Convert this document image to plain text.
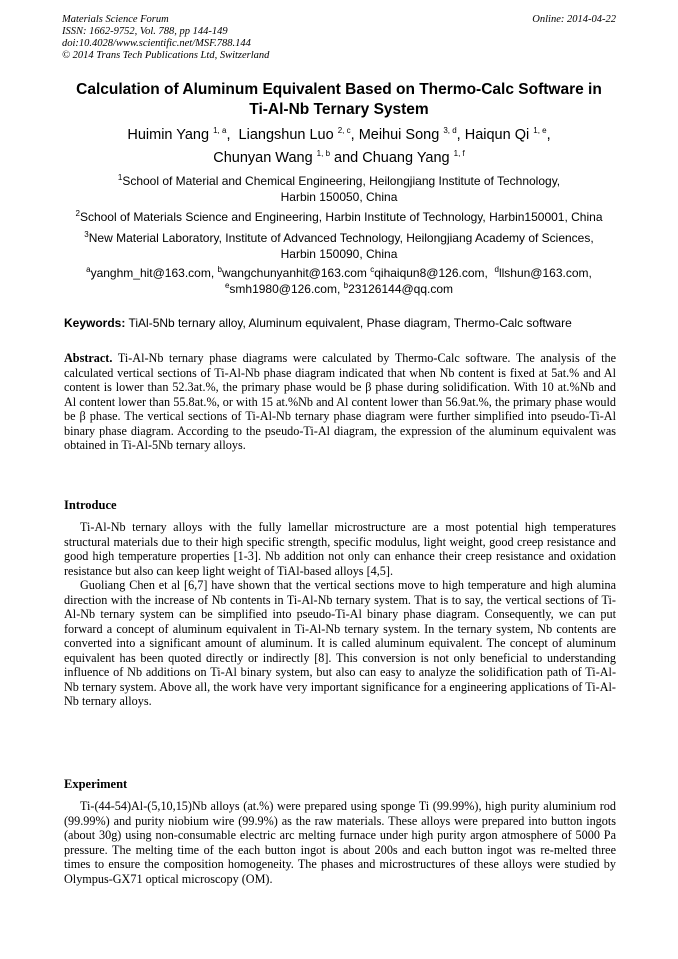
Materials Science Forum
ISSN: 1662-9752, Vol. 788, pp 144-149
doi:10.4028/www.scientific.net/MSF.788.144
© 2014 Trans Tech Publications Ltd, Switzerland
Online: 2014-04-22
Calculation of Aluminum Equivalent Based on Thermo-Calc Software in
Ti-Al-Nb Ternary System
Huimin Yang $^{1, a}$,  Liangshun Luo $^{2, c}$, Meihui Song $^{3, d}$, Haiqun Qi $^{1, e}$,
Chunyan Wang $^{1, b}$ and Chuang Yang $^{1, f}$
$^1$School of Material and Chemical Engineering, Heilongjiang Institute of Technology,
Harbin 150050, China
$^2$School of Materials Science and Engineering, Harbin Institute of Technology, Harbin150001, China
$^3$New Material Laboratory, Institute of Advanced Technology, Heilongjiang Academy of Sciences,
Harbin 150090, China
$^a$yanghm_hit@163.com, $^b$wangchunyanhit@163.com $^c$qihaiqun8@126.com,  $^d$llshun@163.com,
$^e$smh1980@126.com, $^b$23126144@qq.com
Keywords: TiAl-5Nb ternary alloy, Aluminum equivalent, Phase diagram, Thermo-Calc software

Abstract. Ti-Al-Nb ternary phase diagrams were calculated by Thermo-Calc software. The analysis of the calculated vertical sections of Ti-Al-Nb phase diagram indicated that when Nb content is fixed at 5at.% and Al content is lower than 52.3at.%, the primary phase would be β phase during solidification. With 10 at.%Nb and Al content lower than 55.8at.%, or with 15 at.%Nb and Al content lower than 56.9at.%, the primary phase would be β phase. The vertical sections of Ti-Al-Nb ternary phase diagram were further simplified into pseudo-Ti-Al binary phase diagram. According to the pseudo-Ti-Al diagram, the expression of the aluminum equivalent was obtained in Ti-Al-5Nb ternary alloys.

Introduce

Ti-Al-Nb ternary alloys with the fully lamellar microstructure are a most potential high temperatures structural materials due to their high specific strength, specific modulus, light weight, good creep resistance and good high temperature properties [1-3]. Nb addition not only can enhance their creep resistance and oxidation resistance but also can keep light weight of TiAl-based alloys [4,5].

Guoliang Chen et al [6,7] have shown that the vertical sections move to high temperature and high alumina direction with the increase of Nb contents in Ti-Al-Nb ternary system. That is to say, the vertical sections of Ti-Al-Nb ternary system can be simplified into pseudo-Ti-Al binary phase diagram. Consequently, we can put forward a concept of aluminum equivalent in Ti-Al-Nb ternary system. In the ternary system, Nb contents are converted into a significant amount of aluminum. It is called aluminum equivalent. The concept of aluminum equivalent has been quoted directly or indirectly [8]. This conversion is not only beneficial to understanding influence of Nb additions on Ti-Al binary system, but also can easy to analyze the solidification path of Ti-Al-Nb ternary system. Above all, the work have very important significance for a engineering applications of Ti-Al-Nb ternary alloys.

Experiment

Ti-(44-54)Al-(5,10,15)Nb alloys (at.%) were prepared using sponge Ti (99.99%), high purity aluminium rod (99.99%) and purity niobium wire (99.9%) as the raw materials. These alloys were prepared into button ingots (about 30g) using non-consumable electric arc melting furnace under high purity argon atmosphere of 5000 Pa pressure. The melting time of the each button ingot is about 200s and each button ingot was re-melted three times to ensure the composition homogeneity. The phases and microstructures of these alloys were studied by Olympus-GX71 optical microscopy (OM).
